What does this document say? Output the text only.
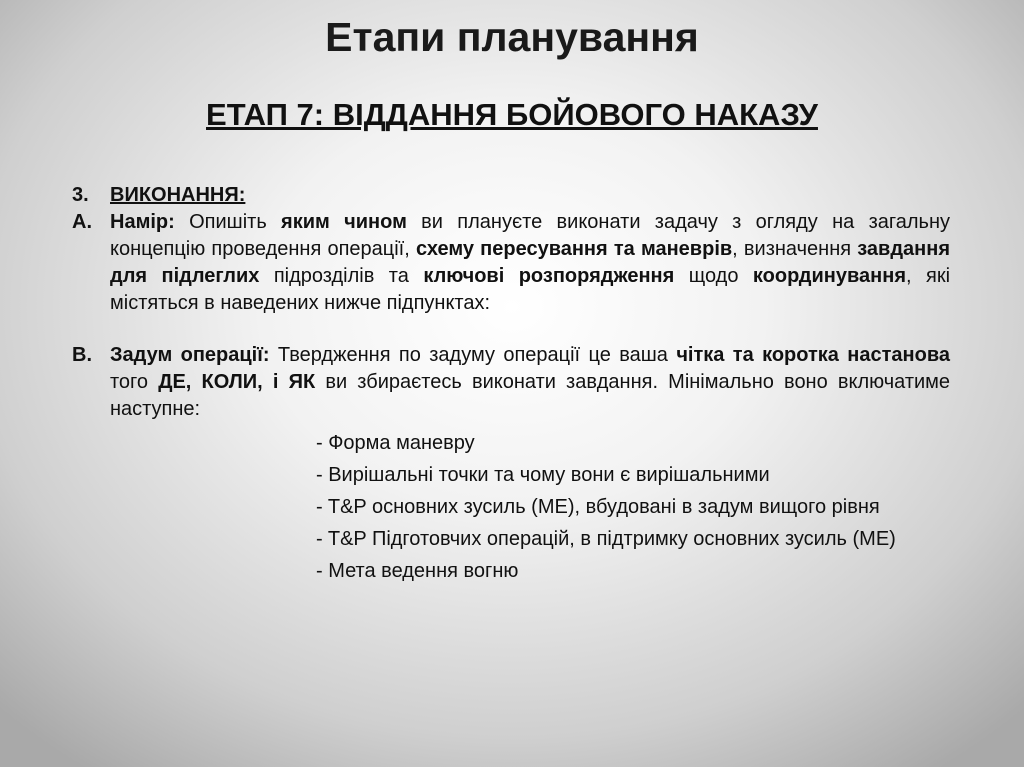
Етапи планування
ЕТАП 7: ВІДДАННЯ БОЙОВОГО НАКАЗУ
3. ВИКОНАННЯ:
А. Намір: Опишіть яким чином ви плануєте виконати задачу з огляду на загальну концепцію проведення операції, схему пересування та маневрів, визначення завдання для підлеглих підрозділів та ключові розпорядження щодо координування, які містяться в наведених нижче підпунктах:
В. Задум операції: Твердження по задуму операції це ваша чітка та коротка настанова того ДЕ, КОЛИ, і ЯК ви збираєтесь виконати завдання. Мінімально воно включатиме наступне:
- Форма маневру
- Вирішальні точки та чому вони є вирішальними
- T&P основних зусиль (МЕ), вбудовані в задум вищого рівня
- T&P Підготовчих операцій, в підтримку основних зусиль (МЕ)
- Мета ведення вогню
